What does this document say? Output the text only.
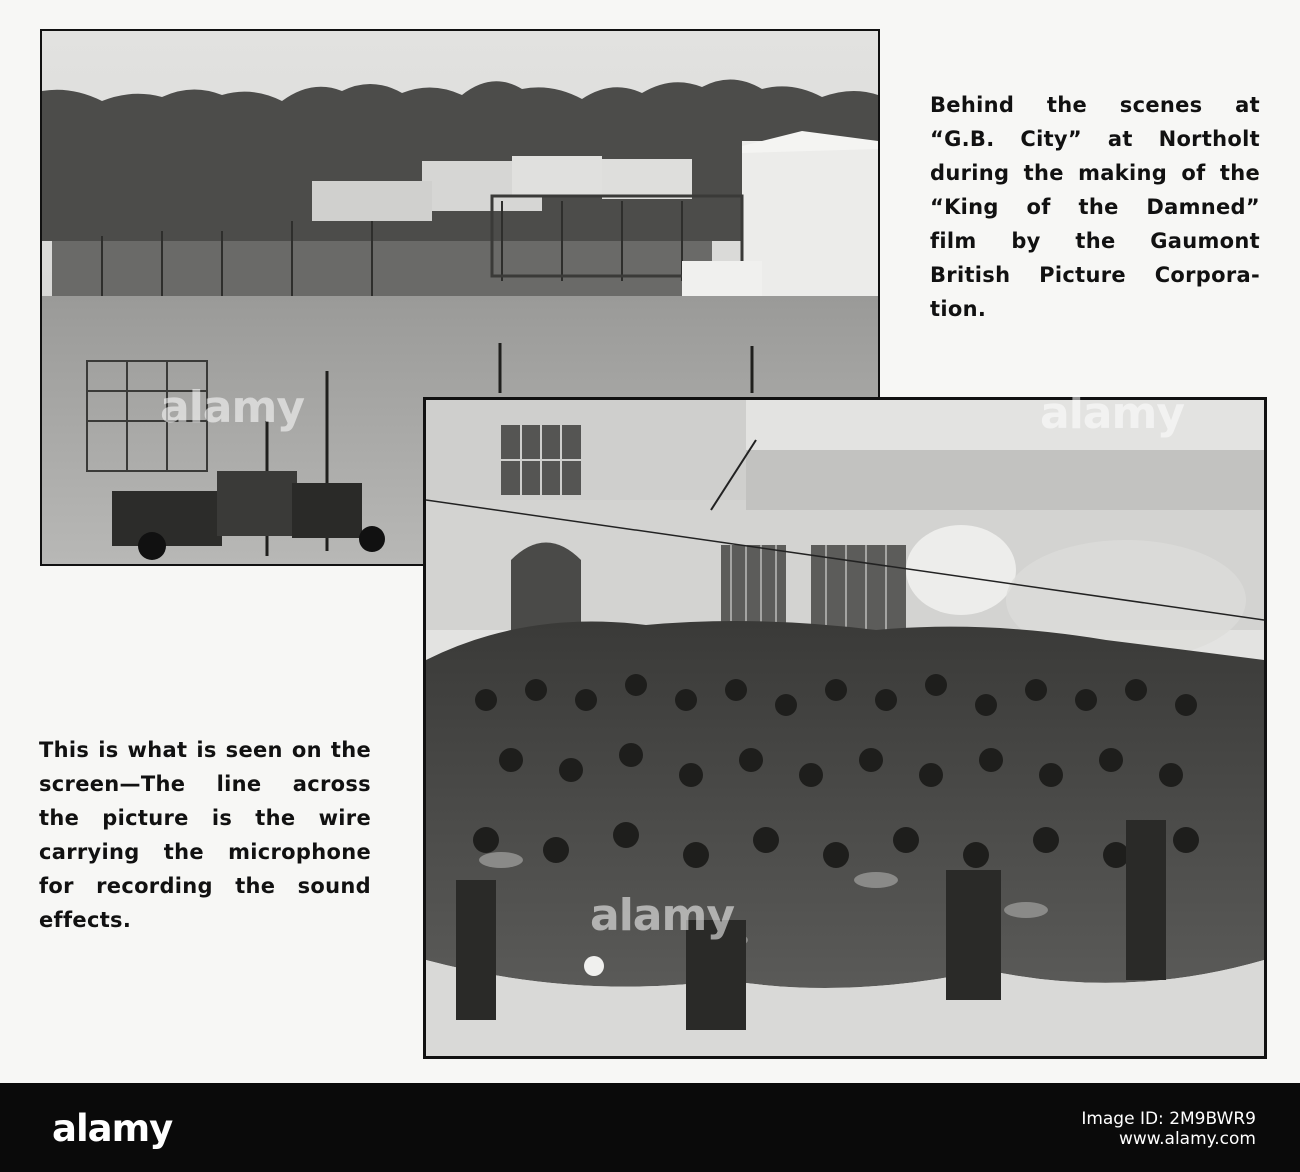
alamy	alamy
alamy
Behind the scenes at
“G.B. City” at Northolt
during the making of the
“King of the Damned”
film by the Gaumont
British Picture Corpora-
tion.
This is what is seen on the
screen—The line across
the picture is the wire
carrying the microphone
for recording the sound
effects.
alamy	Image ID: 2M9BWR9
www.alamy.com
